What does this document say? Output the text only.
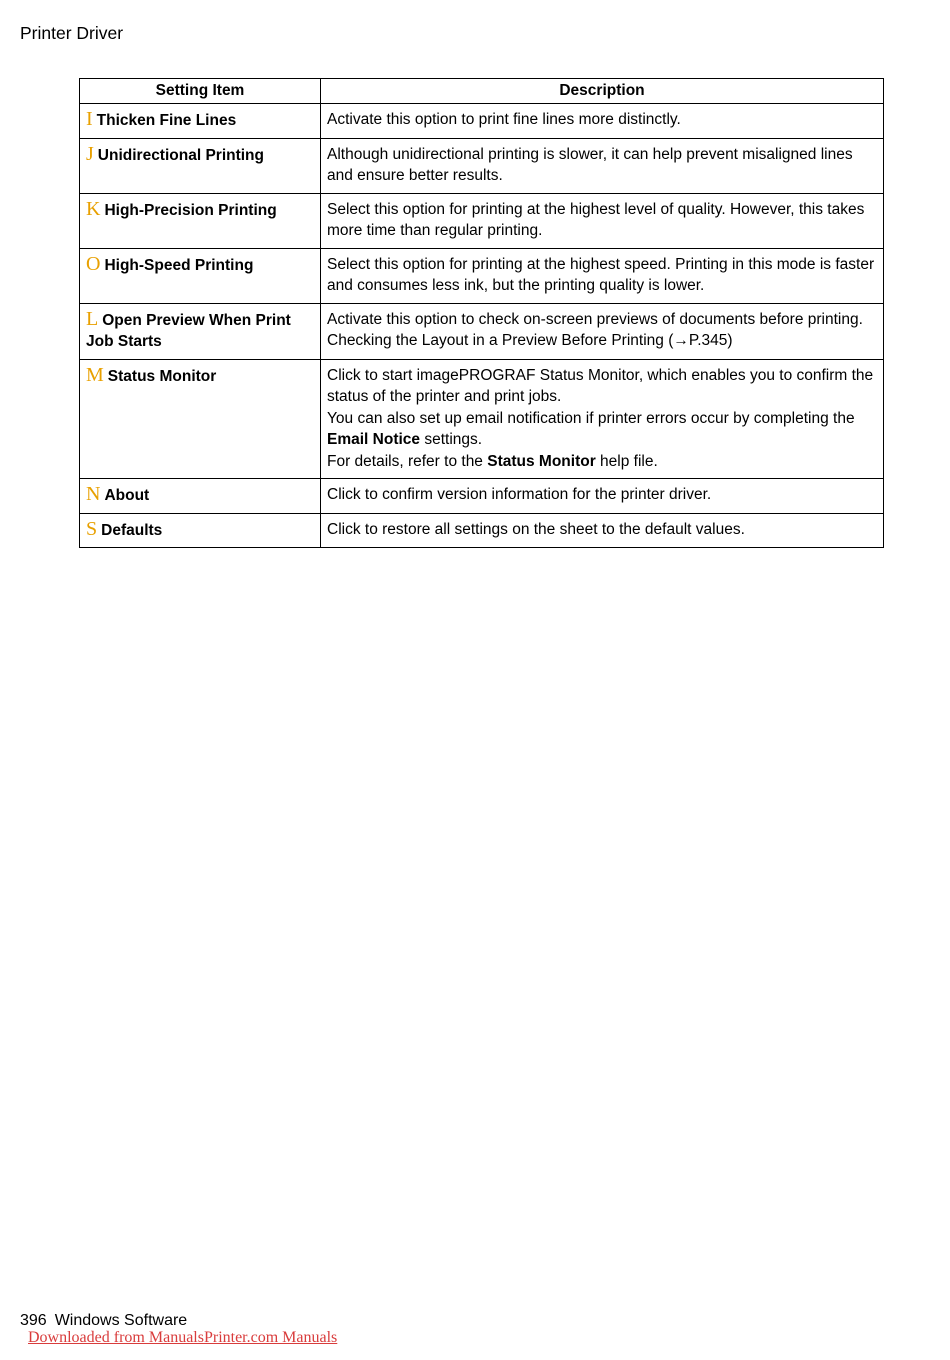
Printer Driver
Setting Item	Description
I Thicken Fine Lines	Activate this option to print fine lines more distinctly.

J Unidirectional Printing	Although unidirectional printing is slower, it can help prevent misaligned lines and ensure better results.

K High-Precision Printing	Select this option for printing at the highest level of quality. However, this takes more time than regular printing.

O High-Speed Printing	Select this option for printing at the highest speed. Printing in this mode is faster and consumes less ink, but the printing quality is lower.

L Open Preview When Print Job Starts	Activate this option to check on-screen previews of documents before printing.
Checking the Layout in a Preview Before Printing (→P.345)

M Status Monitor	Click to start imagePROGRAF Status Monitor, which enables you to confirm the status of the printer and print jobs.
You can also set up email notification if printer errors occur by completing the Email Notice settings.
For details, refer to the Status Monitor help file.

N About	Click to confirm version information for the printer driver.

S Defaults	Click to restore all settings on the sheet to the default values.
396 Windows Software
Downloaded from ManualsPrinter.com Manuals
